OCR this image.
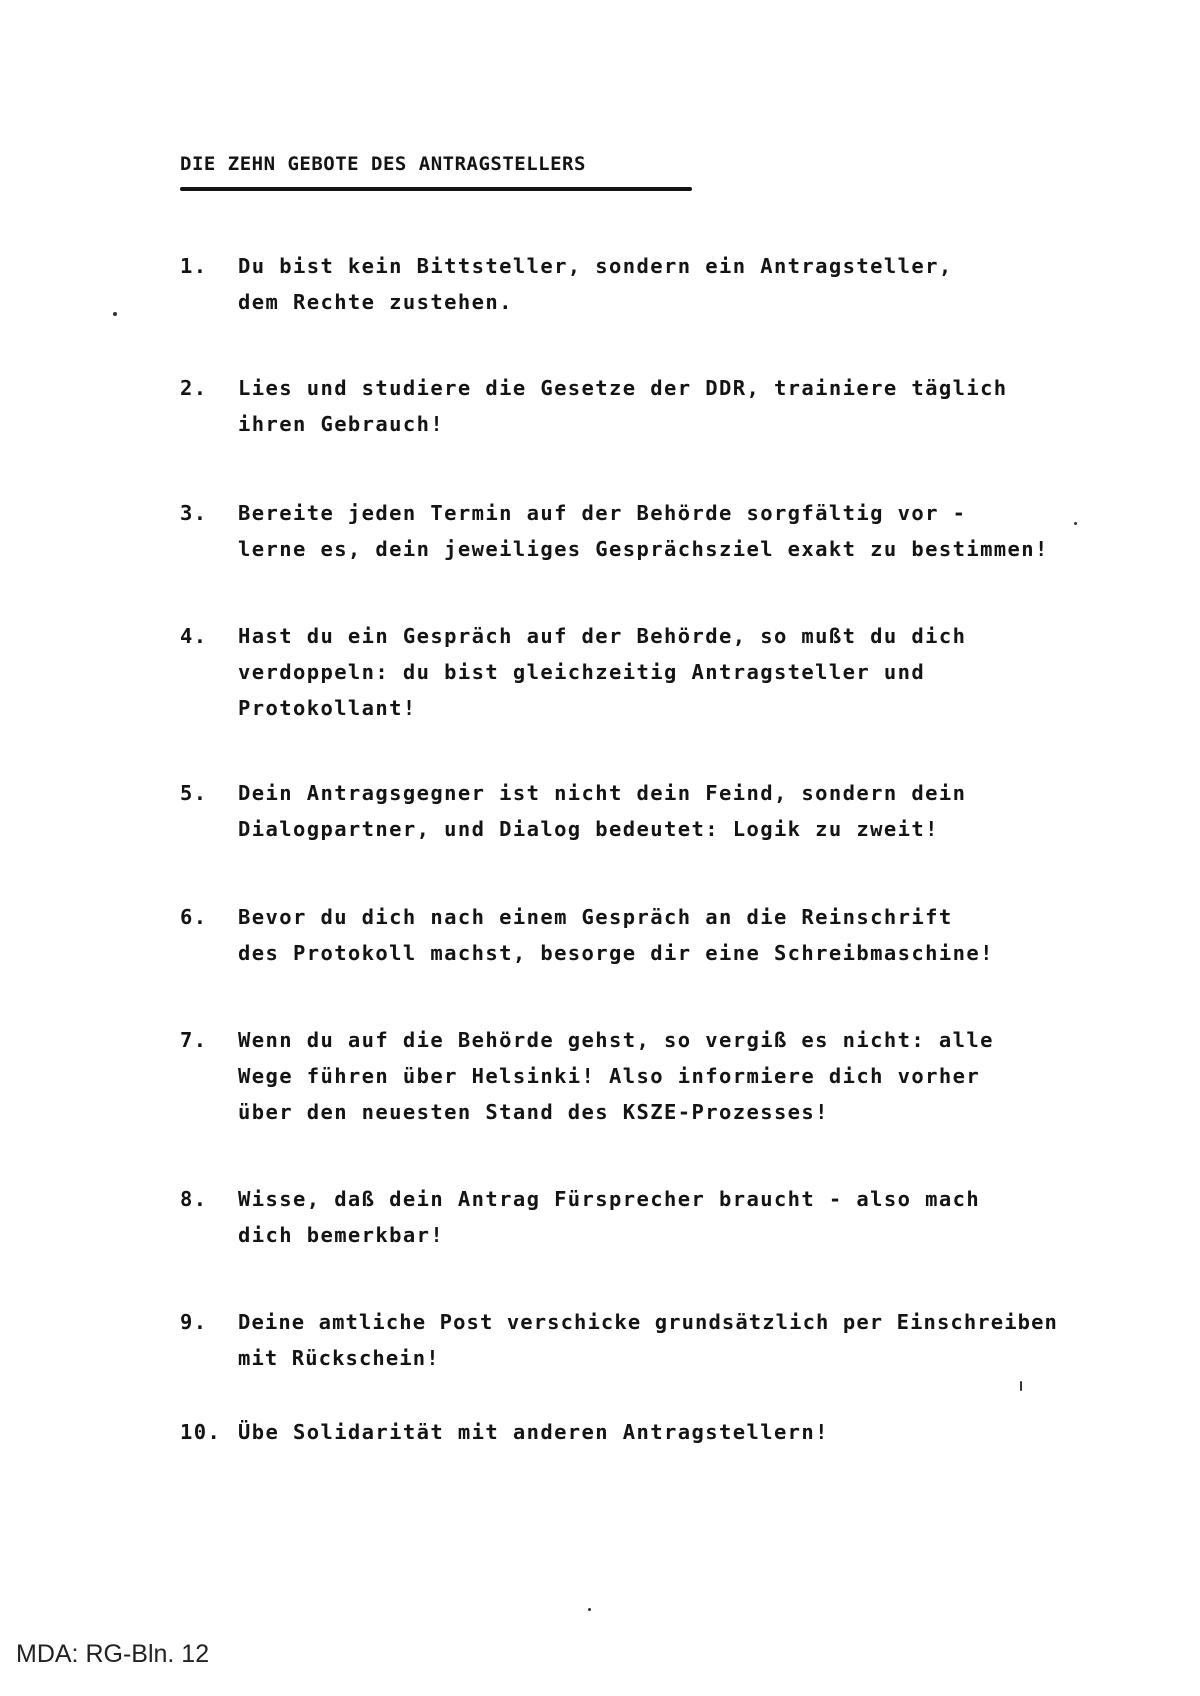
DIE ZEHN GEBOTE DES ANTRAGSTELLERS
1. Du bist kein Bittsteller, sondern ein Antragsteller,
dem Rechte zustehen.
2. Lies und studiere die Gesetze der DDR, trainiere täglich
ihren Gebrauch!
3. Bereite jeden Termin auf der Behörde sorgfältig vor -
lerne es, dein jeweiliges Gesprächsziel exakt zu bestimmen!
4. Hast du ein Gespräch auf der Behörde, so mußt du dich
verdoppeln: du bist gleichzeitig Antragsteller und
Protokollant!
5. Dein Antragsgegner ist nicht dein Feind, sondern dein
Dialogpartner, und Dialog bedeutet: Logik zu zweit!
6. Bevor du dich nach einem Gespräch an die Reinschrift
des Protokoll machst, besorge dir eine Schreibmaschine!
7. Wenn du auf die Behörde gehst, so vergiß es nicht: alle
Wege führen über Helsinki! Also informiere dich vorher
über den neuesten Stand des KSZE-Prozesses!
8. Wisse, daß dein Antrag Fürsprecher braucht - also mach
dich bemerkbar!
9. Deine amtliche Post verschicke grundsätzlich per Einschreiben
mit Rückschein!
10. Übe Solidarität mit anderen Antragstellern!
MDA: RG-Bln. 12
